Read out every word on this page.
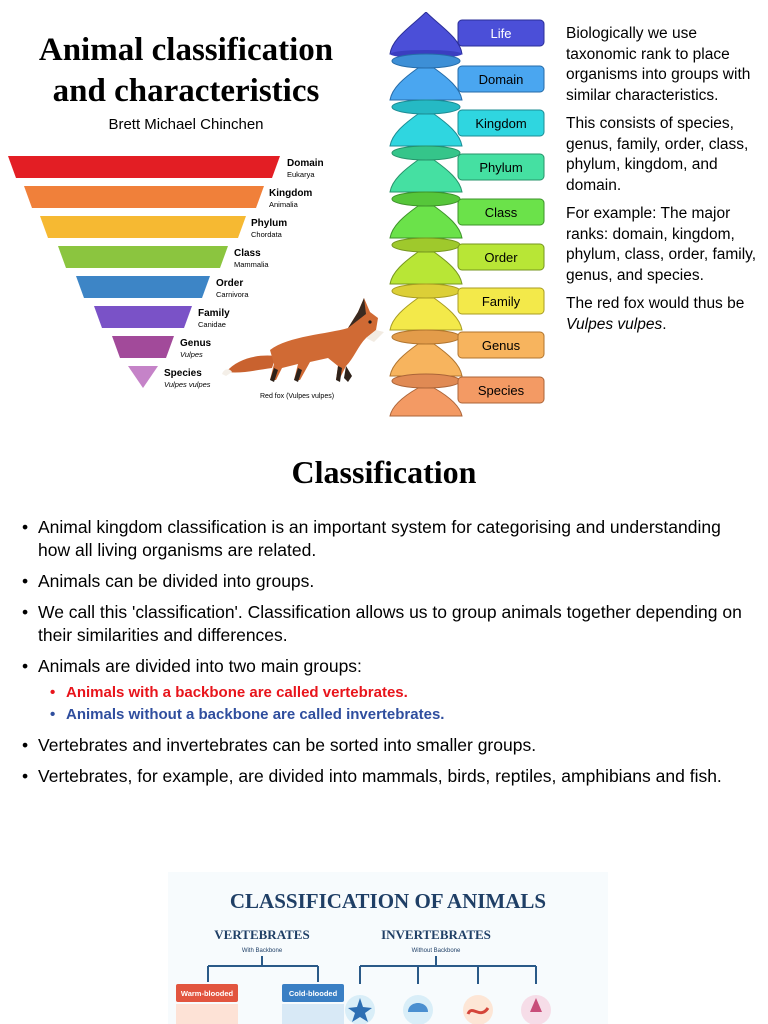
Animal classification and characteristics
Brett Michael Chinchen
Domain
Eukarya
Kingdom
Animalia
Phylum
Chordata
Class
Mammalia
Order
Carnivora
Family
Canidae
Genus
Vulpes
Species
Vulpes vulpes
Red fox (Vulpes vulpes)
Life
Domain
Kingdom
Phylum
Class
Order
Family
Genus
Species

Biologically we use taxonomic rank to place organisms into groups with similar characteristics.

This consists of species, genus, family, order, class, phylum, kingdom, and domain.

For example: The major ranks: domain, kingdom, phylum, class, order, family, genus, and species.

The red fox would thus be Vulpes vulpes.

Classification
• Animal kingdom classification is an important system for categorising and understanding how all living organisms are related.
• Animals can be divided into groups.
• We call this 'classification'. Classification allows us to group animals together depending on their similarities and differences.
• Animals are divided into two main groups:
• Animals with a backbone are called vertebrates.
• Animals without a backbone are called invertebrates.
• Vertebrates and invertebrates can be sorted into smaller groups.
• Vertebrates, for example, are divided into mammals, birds, reptiles, amphibians and fish.
CLASSIFICATION OF ANIMALS
VERTEBRATES
With Backbone
INVERTEBRATES
Without Backbone
Warm-blooded	Cold-blooded
